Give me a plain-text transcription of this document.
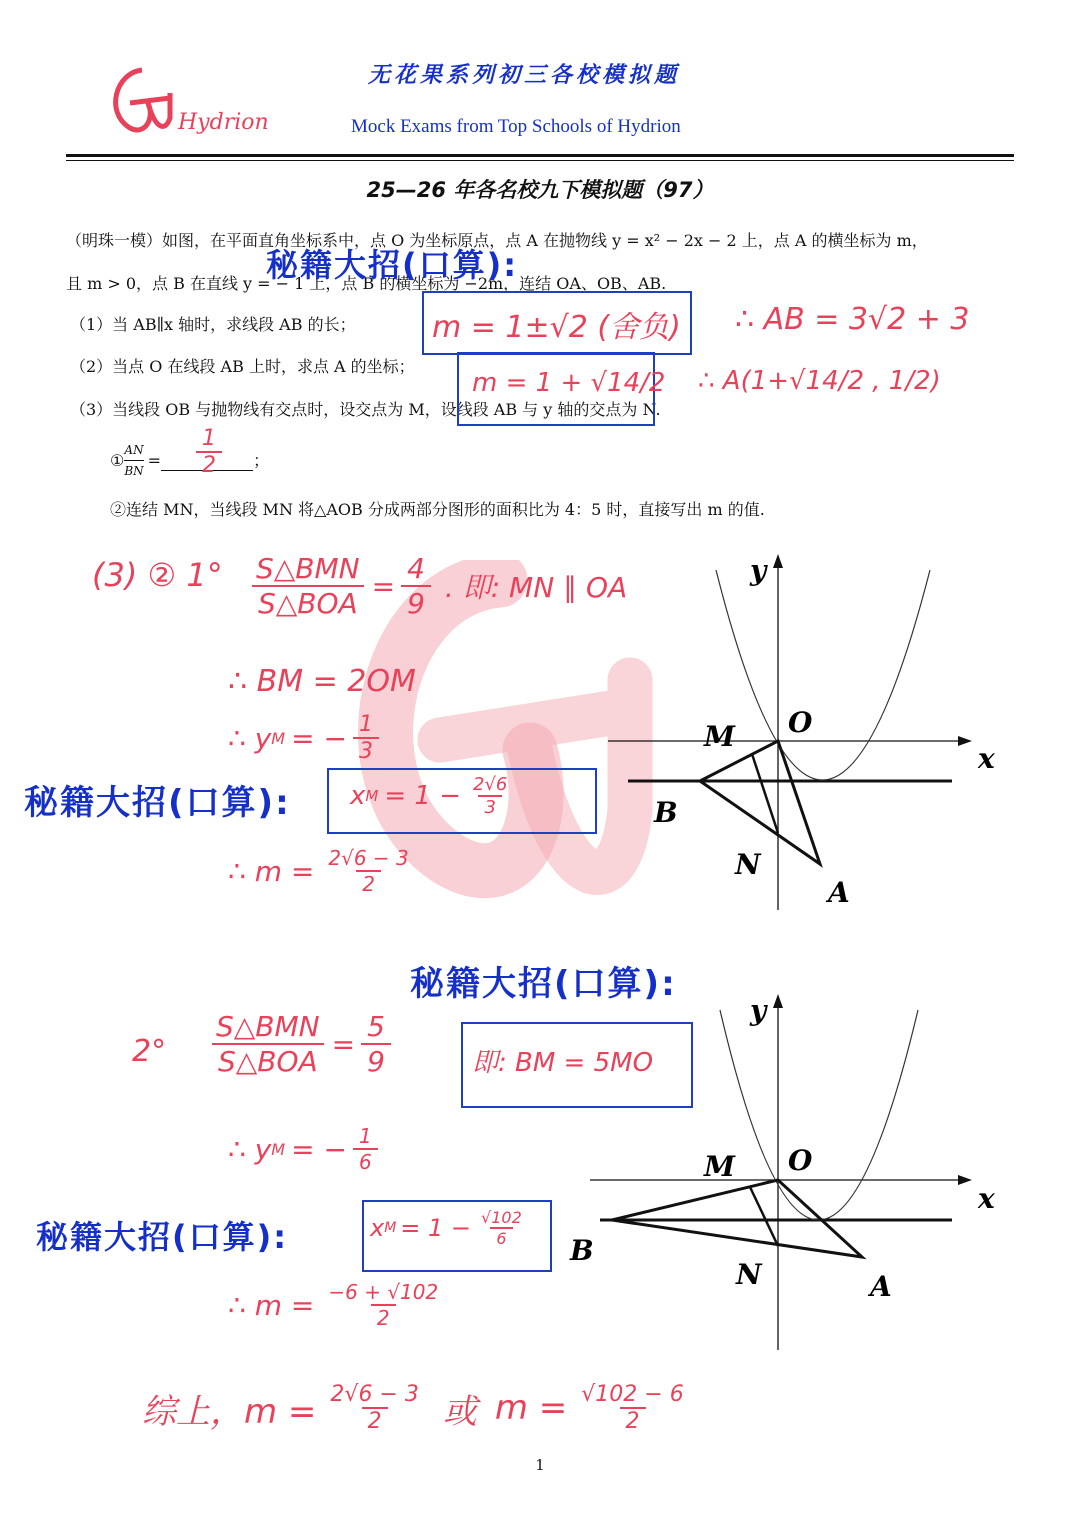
Hydrion
无花果系列初三各校模拟题
Mock Exams from Top Schools of Hydrion
25—26 年各名校九下模拟题（97）
（明珠一模）如图，在平面直角坐标系中，点 O 为坐标原点，点 A 在抛物线 y = x² − 2x − 2 上，点 A 的横坐标为 m，
且 m > 0，点 B 在直线 y = − 1 上，点 B 的横坐标为 −2m，连结 OA、OB、AB.
（1）当 AB∥x 轴时，求线段 AB 的长；
（2）当点 O 在线段 AB 上时，求点 A 的坐标；
（3）当线段 OB 与抛物线有交点时，设交点为 M，设线段 AB 与 y 轴的交点为 N.
① $\frac{AN}{BN}$ =	；
②连结 MN，当线段 MN 将△AOB 分成两部分图形的面积比为 4：5 时，直接写出 m 的值.
秘籍大招(口算):
m = 1±√2 (舍负) ∴ AB = 3√2 + 3
m = 1 + √14/2 ∴ A(1+√14/2 , 1/2)
$\frac{1}{2}$
(3) ② $1^\circ \frac{\text{S△BMN}}{\text{S△BOA}} = \frac{4}{9}$ . 即: MN ∥ OA
∴ BM = 2OM
∴ y M = − $\frac{1}{3}$
秘籍大招(口算): x $M = 1 - \frac{2√6}{3}$
∴ $m = \frac{2√6 - 3}{2}$
y
x
O
M
B
N
A
秘籍大招(口算):
$2^\circ \frac{\text{S△BMN}}{\text{S△BOA}} = \frac{5}{9}$	即: BM = 5MO
∴ y M = − $\frac{1}{6}$
秘籍大招(口算):	x $M = 1 - \frac{√102}{6}$
∴ $m = \frac{-6 + √102}{2}$
y
x
O
M
B
N	A
综上，$m = \frac{2√6 - 3}{2}$ 或 $m = \frac{√102 - 6}{2}$
1
